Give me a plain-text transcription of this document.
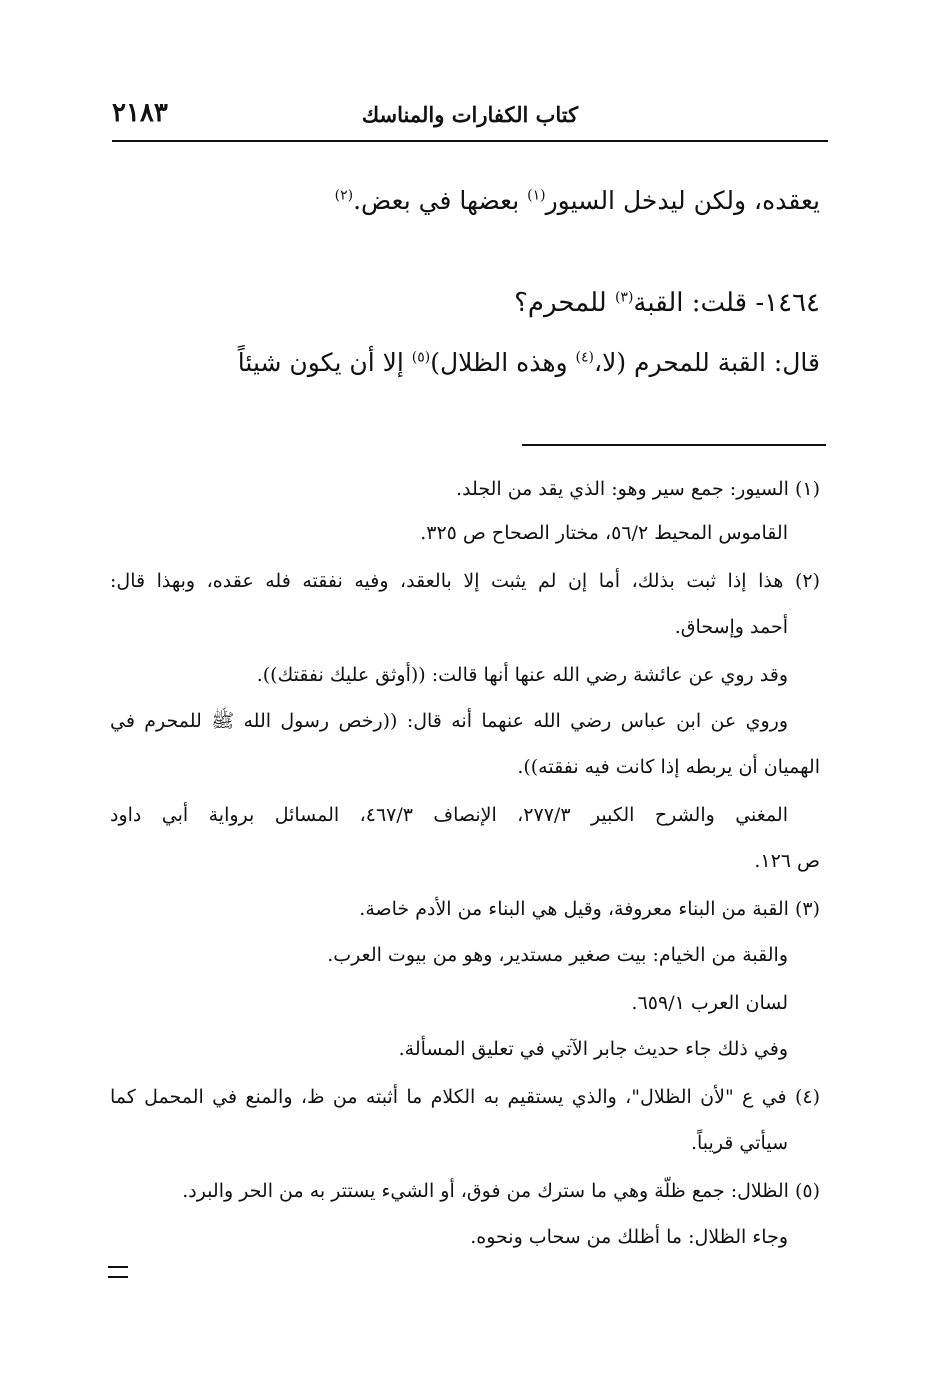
٢١٨٣	كتاب الكفارات والمناسك
يعقده، ولكن ليدخل السيور$^{(١)}$ بعضها في بعض.$^{(٢)}$
١٤٦٤- قلت: القبة$^{(٣)}$ للمحرم؟
قال: القبة للمحرم (لا،$^{(٤)}$ وهذه الظلال)$^{(٥)}$ إلا أن يكون شيئاً
(١) السيور: جمع سير وهو: الذي يقد من الجلد.
القاموس المحيط ٥٦/٢، مختار الصحاح ص ٣٢٥.
(٢) هذا إذا ثبت بذلك، أما إن لم يثبت إلا بالعقد، وفيه نفقته فله عقده، وبهذا قال:
أحمد وإسحاق.
وقد روي عن عائشة رضي الله عنها أنها قالت: ((أوثق عليك نفقتك)).
وروي عن ابن عباس رضي الله عنهما أنه قال: ((رخص رسول الله ﷺ للمحرم في
الهميان أن يربطه إذا كانت فيه نفقته)).
المغني والشرح الكبير ٢٧٧/٣، الإنصاف ٤٦٧/٣، المسائل برواية أبي داود
ص ١٢٦.
(٣) القبة من البناء معروفة، وقيل هي البناء من الأدم خاصة.
والقبة من الخيام: بيت صغير مستدير، وهو من بيوت العرب.
لسان العرب ٦٥٩/١.
وفي ذلك جاء حديث جابر الآتي في تعليق المسألة.
(٤) في ع "لأن الظلال"، والذي يستقيم به الكلام ما أثبته من ظ، والمنع في المحمل كما
سيأتي قريباً.
(٥) الظلال: جمع ظلّة وهي ما سترك من فوق، أو الشيء يستتر به من الحر والبرد.
وجاء الظلال: ما أظلك من سحاب ونحوه.
